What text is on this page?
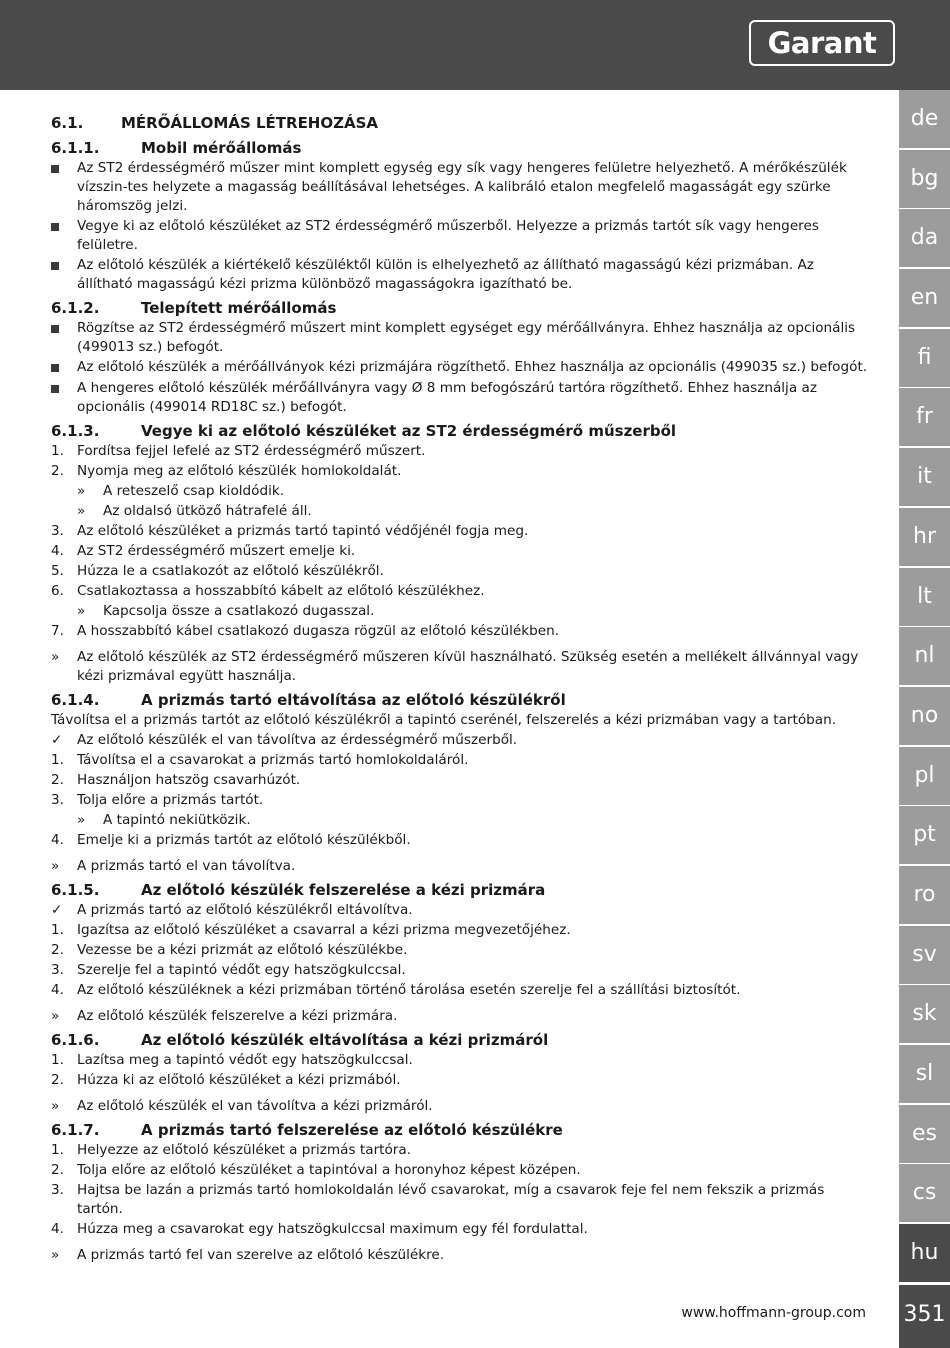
Garant
de
bg
da
en
fi
fr
it
hr
lt
nl
no
pl
pt
ro
sv
sk
sl
es
cs
hu
351
www.hoffmann-group.com
6.1.	MÉRŐÁLLOMÁS LÉTREHOZÁSA
6.1.1.	Mobil mérőállomás
Az ST2 érdességmérő műszer mint komplett egység egy sík vagy hengeres felületre helyezhető. A mérőkészülék vízszin-tes helyzete a magasság beállításával lehetséges. A kalibráló etalon megfelelő magasságát egy szürke háromszög jelzi.
Vegye ki az előtoló készüléket az ST2 érdességmérő műszerből. Helyezze a prizmás tartót sík vagy hengeres felületre.
Az előtoló készülék a kiértékelő készüléktől külön is elhelyezhető az állítható magasságú kézi prizmában. Az állítható magasságú kézi prizma különböző magasságokra igazítható be.
6.1.2.	Telepített mérőállomás
Rögzítse az ST2 érdességmérő műszert mint komplett egységet egy mérőállványra. Ehhez használja az opcionális (499013 sz.) befogót.
Az előtoló készülék a mérőállványok kézi prizmájára rögzíthető. Ehhez használja az opcionális (499035 sz.) befogót.
A hengeres előtoló készülék mérőállványra vagy Ø 8 mm befogószárú tartóra rögzíthető. Ehhez használja az opcionális (499014 RD18C sz.) befogót.
6.1.3.	Vegye ki az előtoló készüléket az ST2 érdességmérő műszerből
1. Fordítsa fejjel lefelé az ST2 érdességmérő műszert.
2. Nyomja meg az előtoló készülék homlokoldalát.
»	A reteszelő csap kioldódik.
»	Az oldalsó ütköző hátrafelé áll.
3. Az előtoló készüléket a prizmás tartó tapintó védőjénél fogja meg.
4. Az ST2 érdességmérő műszert emelje ki.
5. Húzza le a csatlakozót az előtoló készülékről.
6. Csatlakoztassa a hosszabbító kábelt az előtoló készülékhez.
»	Kapcsolja össze a csatlakozó dugasszal.
7. A hosszabbító kábel csatlakozó dugasza rögzül az előtoló készülékben.
»	Az előtoló készülék az ST2 érdességmérő műszeren kívül használható. Szükség esetén a mellékelt állvánnyal vagy kézi prizmával együtt használja.
6.1.4.	A prizmás tartó eltávolítása az előtoló készülékről
Távolítsa el a prizmás tartót az előtoló készülékről a tapintó cserénél, felszerelés a kézi prizmában vagy a tartóban.
✓	Az előtoló készülék el van távolítva az érdességmérő műszerből.
1. Távolítsa el a csavarokat a prizmás tartó homlokoldaláról.
2. Használjon hatszög csavarhúzót.
3. Tolja előre a prizmás tartót.
»	A tapintó nekiütközik.
4. Emelje ki a prizmás tartót az előtoló készülékből.
»	A prizmás tartó el van távolítva.
6.1.5.	Az előtoló készülék felszerelése a kézi prizmára
✓	A prizmás tartó az előtoló készülékről eltávolítva.
1. Igazítsa az előtoló készüléket a csavarral a kézi prizma megvezetőjéhez.
2. Vezesse be a kézi prizmát az előtoló készülékbe.
3. Szerelje fel a tapintó védőt egy hatszögkulccsal.
4. Az előtoló készüléknek a kézi prizmában történő tárolása esetén szerelje fel a szállítási biztosítót.
»	Az előtoló készülék felszerelve a kézi prizmára.
6.1.6.	Az előtoló készülék eltávolítása a kézi prizmáról
1. Lazítsa meg a tapintó védőt egy hatszögkulccsal.
2. Húzza ki az előtoló készüléket a kézi prizmából.
»	Az előtoló készülék el van távolítva a kézi prizmáról.
6.1.7.	A prizmás tartó felszerelése az előtoló készülékre
1. Helyezze az előtoló készüléket a prizmás tartóra.
2. Tolja előre az előtoló készüléket a tapintóval a horonyhoz képest középen.
3. Hajtsa be lazán a prizmás tartó homlokoldalán lévő csavarokat, míg a csavarok feje fel nem fekszik a prizmás tartón.
4. Húzza meg a csavarokat egy hatszögkulccsal maximum egy fél fordulattal.
»	A prizmás tartó fel van szerelve az előtoló készülékre.
